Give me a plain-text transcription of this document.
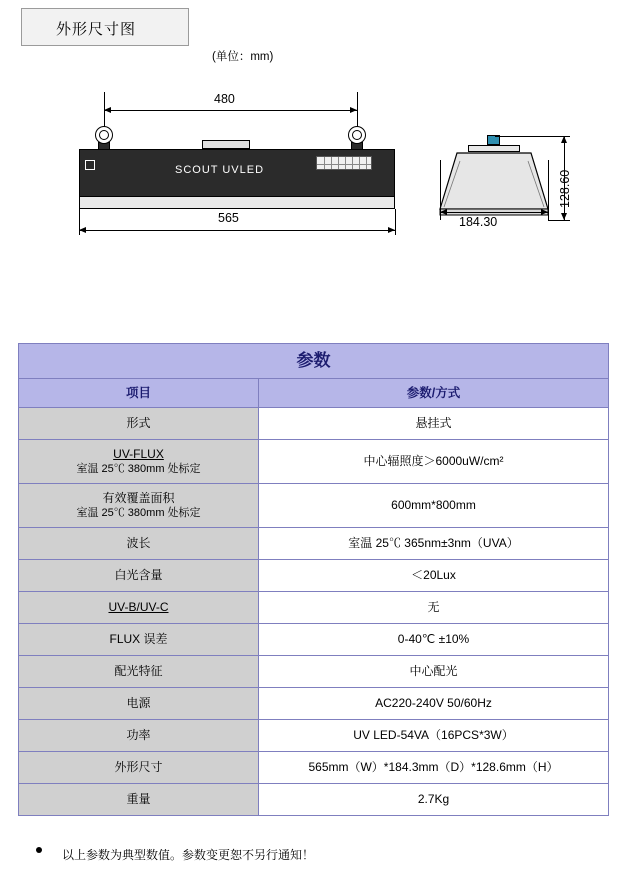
外形尺寸图
(单位：mm)
480
SCOUT UVLED
565	184.30
128.60
参数	
项目	参数/方式
形式	悬挂式

UV-FLUX
室温 25℃ 380mm 处标定	中心辐照度＞6000uW/cm²

有效覆盖面积
室温 25℃ 380mm 处标定	600mm*800mm
波长	室温 25℃ 365nm±3nm（UVA）
白光含量	＜20Lux
UV-B/UV-C	无
FLUX 误差	0-40℃ ±10%
配光特征	中心配光
电源	AC220-240V 50/60Hz
功率	UV LED-54VA（16PCS*3W）
外形尺寸	565mm（W）*184.3mm（D）*128.6mm（H）
重量	2.7Kg
以上参数为典型数值。参数变更恕不另行通知！
